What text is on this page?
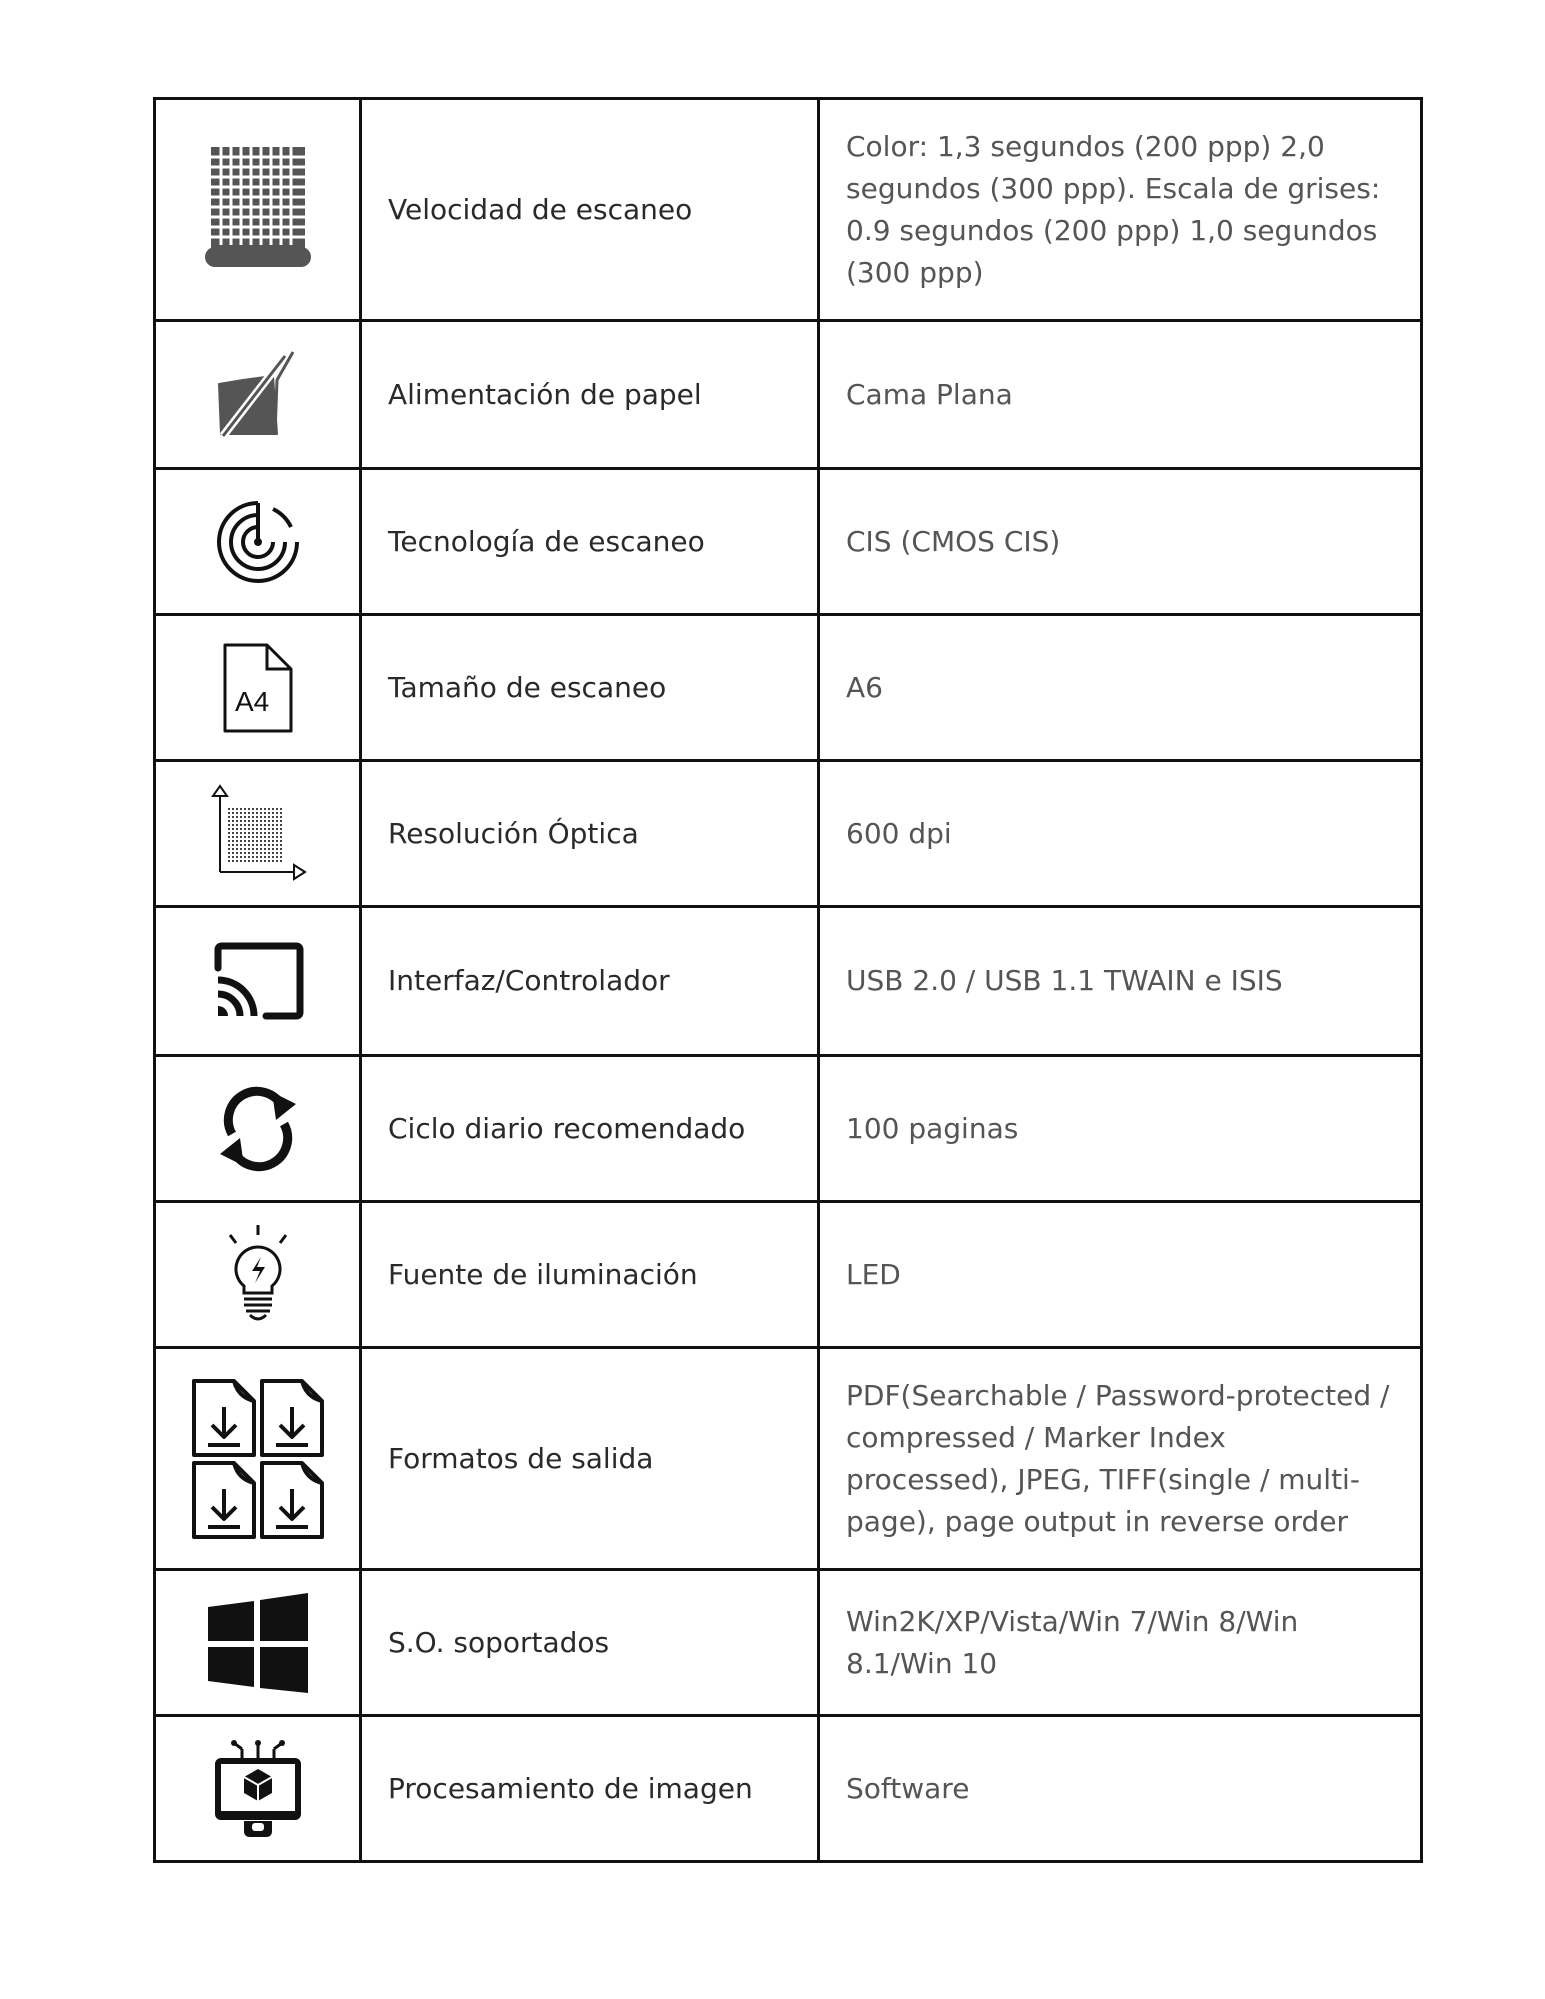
	Velocidad de escaneo	Color: 1,3 segundos (200 ppp) 2,0 segundos (300 ppp). Escala de grises: 0.9 segundos (200 ppp) 1,0 segundos (300 ppp)

	Alimentación de papel	Cama Plana

	Tecnología de escaneo	CIS (CMOS CIS)

A4	Tamaño de escaneo	A6

	Resolución Óptica	600 dpi

	Interfaz/Controlador	USB 2.0 / USB 1.1 TWAIN e ISIS

	Ciclo diario recomendado	100 paginas

	Fuente de iluminación	LED

	Formatos de salida	PDF(Searchable / Password-protected / compressed / Marker Index processed), JPEG, TIFF(single / multi-page), page output in reverse order

	S.O. soportados	Win2K/XP/Vista/Win 7/Win 8/Win 8.1/Win 10

	Procesamiento de imagen	Software
